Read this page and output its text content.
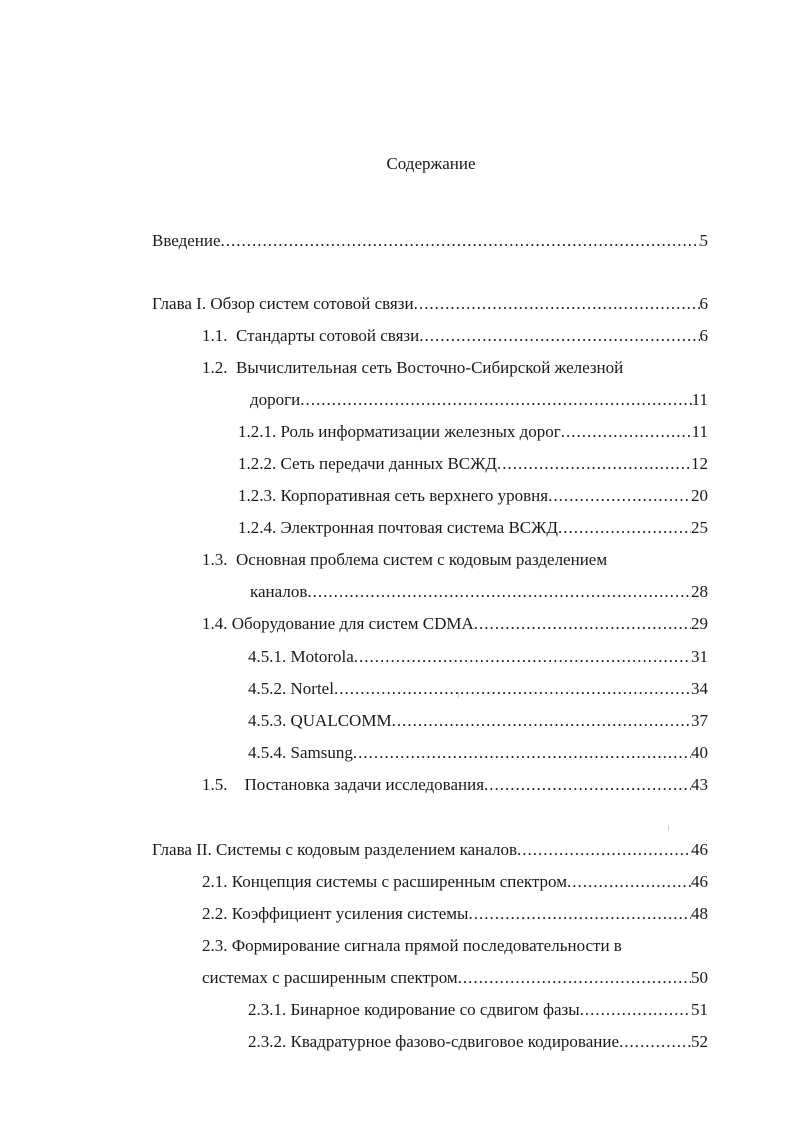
Содержание
Введение .....	5
Глава I. Обзор систем сотовой связи .....	6
1.1.  Стандарты сотовой связи .....	6
1.2.  Вычислительная сеть Восточно-Сибирской железной
дороги .....	11
1.2.1. Роль информатизации железных дорог .....	11
1.2.2. Сеть передачи данных ВСЖД .....	12
1.2.3. Корпоративная сеть верхнего уровня .....	20
1.2.4. Электронная почтовая система ВСЖД .....	25
1.3.  Основная проблема систем с кодовым разделением
каналов .....	28
1.4. Оборудование для систем CDMA .....	29
4.5.1. Motorola .....	31
4.5.2. Nortel .....	34
4.5.3. QUALCOMM .....	37
4.5.4. Samsung .....	40
1.5.    Постановка задачи исследования .....	43
Глава II. Системы с кодовым разделением каналов .....	46
2.1. Концепция системы с расширенным спектром .....	46
2.2. Коэффициент усиления системы .....	48
2.3. Формирование сигнала прямой последовательности в
системах с расширенным спектром .....	50
2.3.1. Бинарное кодирование со сдвигом фазы .....	51
2.3.2. Квадратурное фазово-сдвиговое кодирование .....	52
